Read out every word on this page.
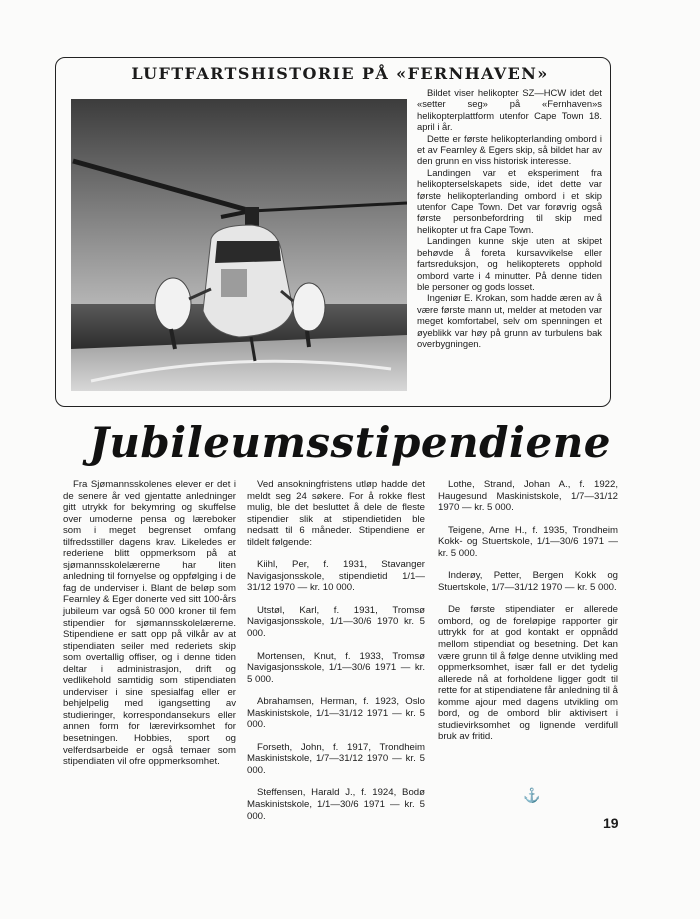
LUFTFARTSHISTORIE PÅ «FERNHAVEN»

Bildet viser helikopter SZ—HCW idet det «setter seg» på «Fernhaven»s helikopterplattform utenfor Cape Town 18. april i år.

Dette er første helikopterlanding ombord i et av Fearnley & Egers skip, så bildet har av den grunn en viss historisk interesse.

Landingen var et eksperiment fra helikopterselskapets side, idet dette var første helikopterlanding ombord i et skip utenfor Cape Town. Det var forøvrig også første personbefordring til skip med helikopter ut fra Cape Town.

Landingen kunne skje uten at skipet behøvde å foreta kursavvikelse eller fartsreduksjon, og helikopterets opphold ombord varte i 4 minutter. På denne tiden ble personer og gods losset.

Ingeniør E. Krokan, som hadde æren av å være første mann ut, melder at metoden var meget komfortabel, selv om spenningen et øyeblikk var høy på grunn av turbulens bak overbygningen.

Jubileumsstipendiene

Fra Sjømannsskolenes elever er det i de senere år ved gjentatte anledninger gitt utrykk for bekymring og skuffelse over umoderne pensa og læreboker som i meget begrenset omfang tilfredsstiller dagens krav. Likeledes er rederiene blitt oppmerksom på at sjømannsskolelærerne har liten anledning til fornyelse og oppfølging i de fag de underviser i. Blant de beløp som Fearnley & Eger donerte ved sitt 100-års jubileum var også 50 000 kroner til fem stipendier for sjømannsskolelærerne. Stipendiene er satt opp på vilkår av at stipendiaten seiler med rederiets skip som overtallig offiser, og i denne tiden deltar i administrasjon, drift og vedlikehold samtidig som stipendiaten underviser i sine spesialfag eller er behjelpelig med igangsetting av studieringer, korrespondansekurs eller annen form for lærevirksomhet for besetningen. Hobbies, sport og velferdsarbeide er også temaer som stipendiaten vil ofre oppmerksomhet.

Ved ansokningfristens utløp hadde det meldt seg 24 søkere. For å rokke flest mulig, ble det besluttet å dele de fleste stipendier slik at stipendietiden ble nedsatt til 6 måneder. Stipendiene er tildelt følgende:

Kiihl, Per, f. 1931, Stavanger Navigasjonsskole, stipendietid 1/1—31/12 1970 — kr. 10 000.

Utstøl, Karl, f. 1931, Tromsø Navigasjonsskole, 1/1—30/6 1970 kr. 5 000.

Mortensen, Knut, f. 1933, Tromsø Navigasjonsskole, 1/1—30/6 1971 — kr. 5 000.

Abrahamsen, Herman, f. 1923, Oslo Maskinistskole, 1/1—31/12 1971 — kr. 5 000.

Forseth, John, f. 1917, Trondheim Maskinistskole, 1/7—31/12 1970 — kr. 5 000.

Steffensen, Harald J., f. 1924, Bodø Maskinistskole, 1/1—30/6 1971 — kr. 5 000.

Lothe, Strand, Johan A., f. 1922, Haugesund Maskinistskole, 1/7—31/12 1970 — kr. 5 000.

Teigene, Arne H., f. 1935, Trondheim Kokk- og Stuertskole, 1/1—30/6 1971 — kr. 5 000.

Inderøy, Petter, Bergen Kokk og Stuertskole, 1/7—31/12 1970 — kr. 5 000.

De første stipendiater er allerede ombord, og de foreløpige rapporter gir uttrykk for at god kontakt er oppnådd mellom stipendiat og besetning. Det kan være grunn til å følge denne utvikling med oppmerksomhet, især fall er det tydelig allerede nå at forholdene ligger godt til rette for at stipendiatene får anledning til å komme ajour med dagens utvikling om bord, og de ombord blir aktivisert i studievirksomhet og lignende verdifull bruk av fritid.

⚓
19
